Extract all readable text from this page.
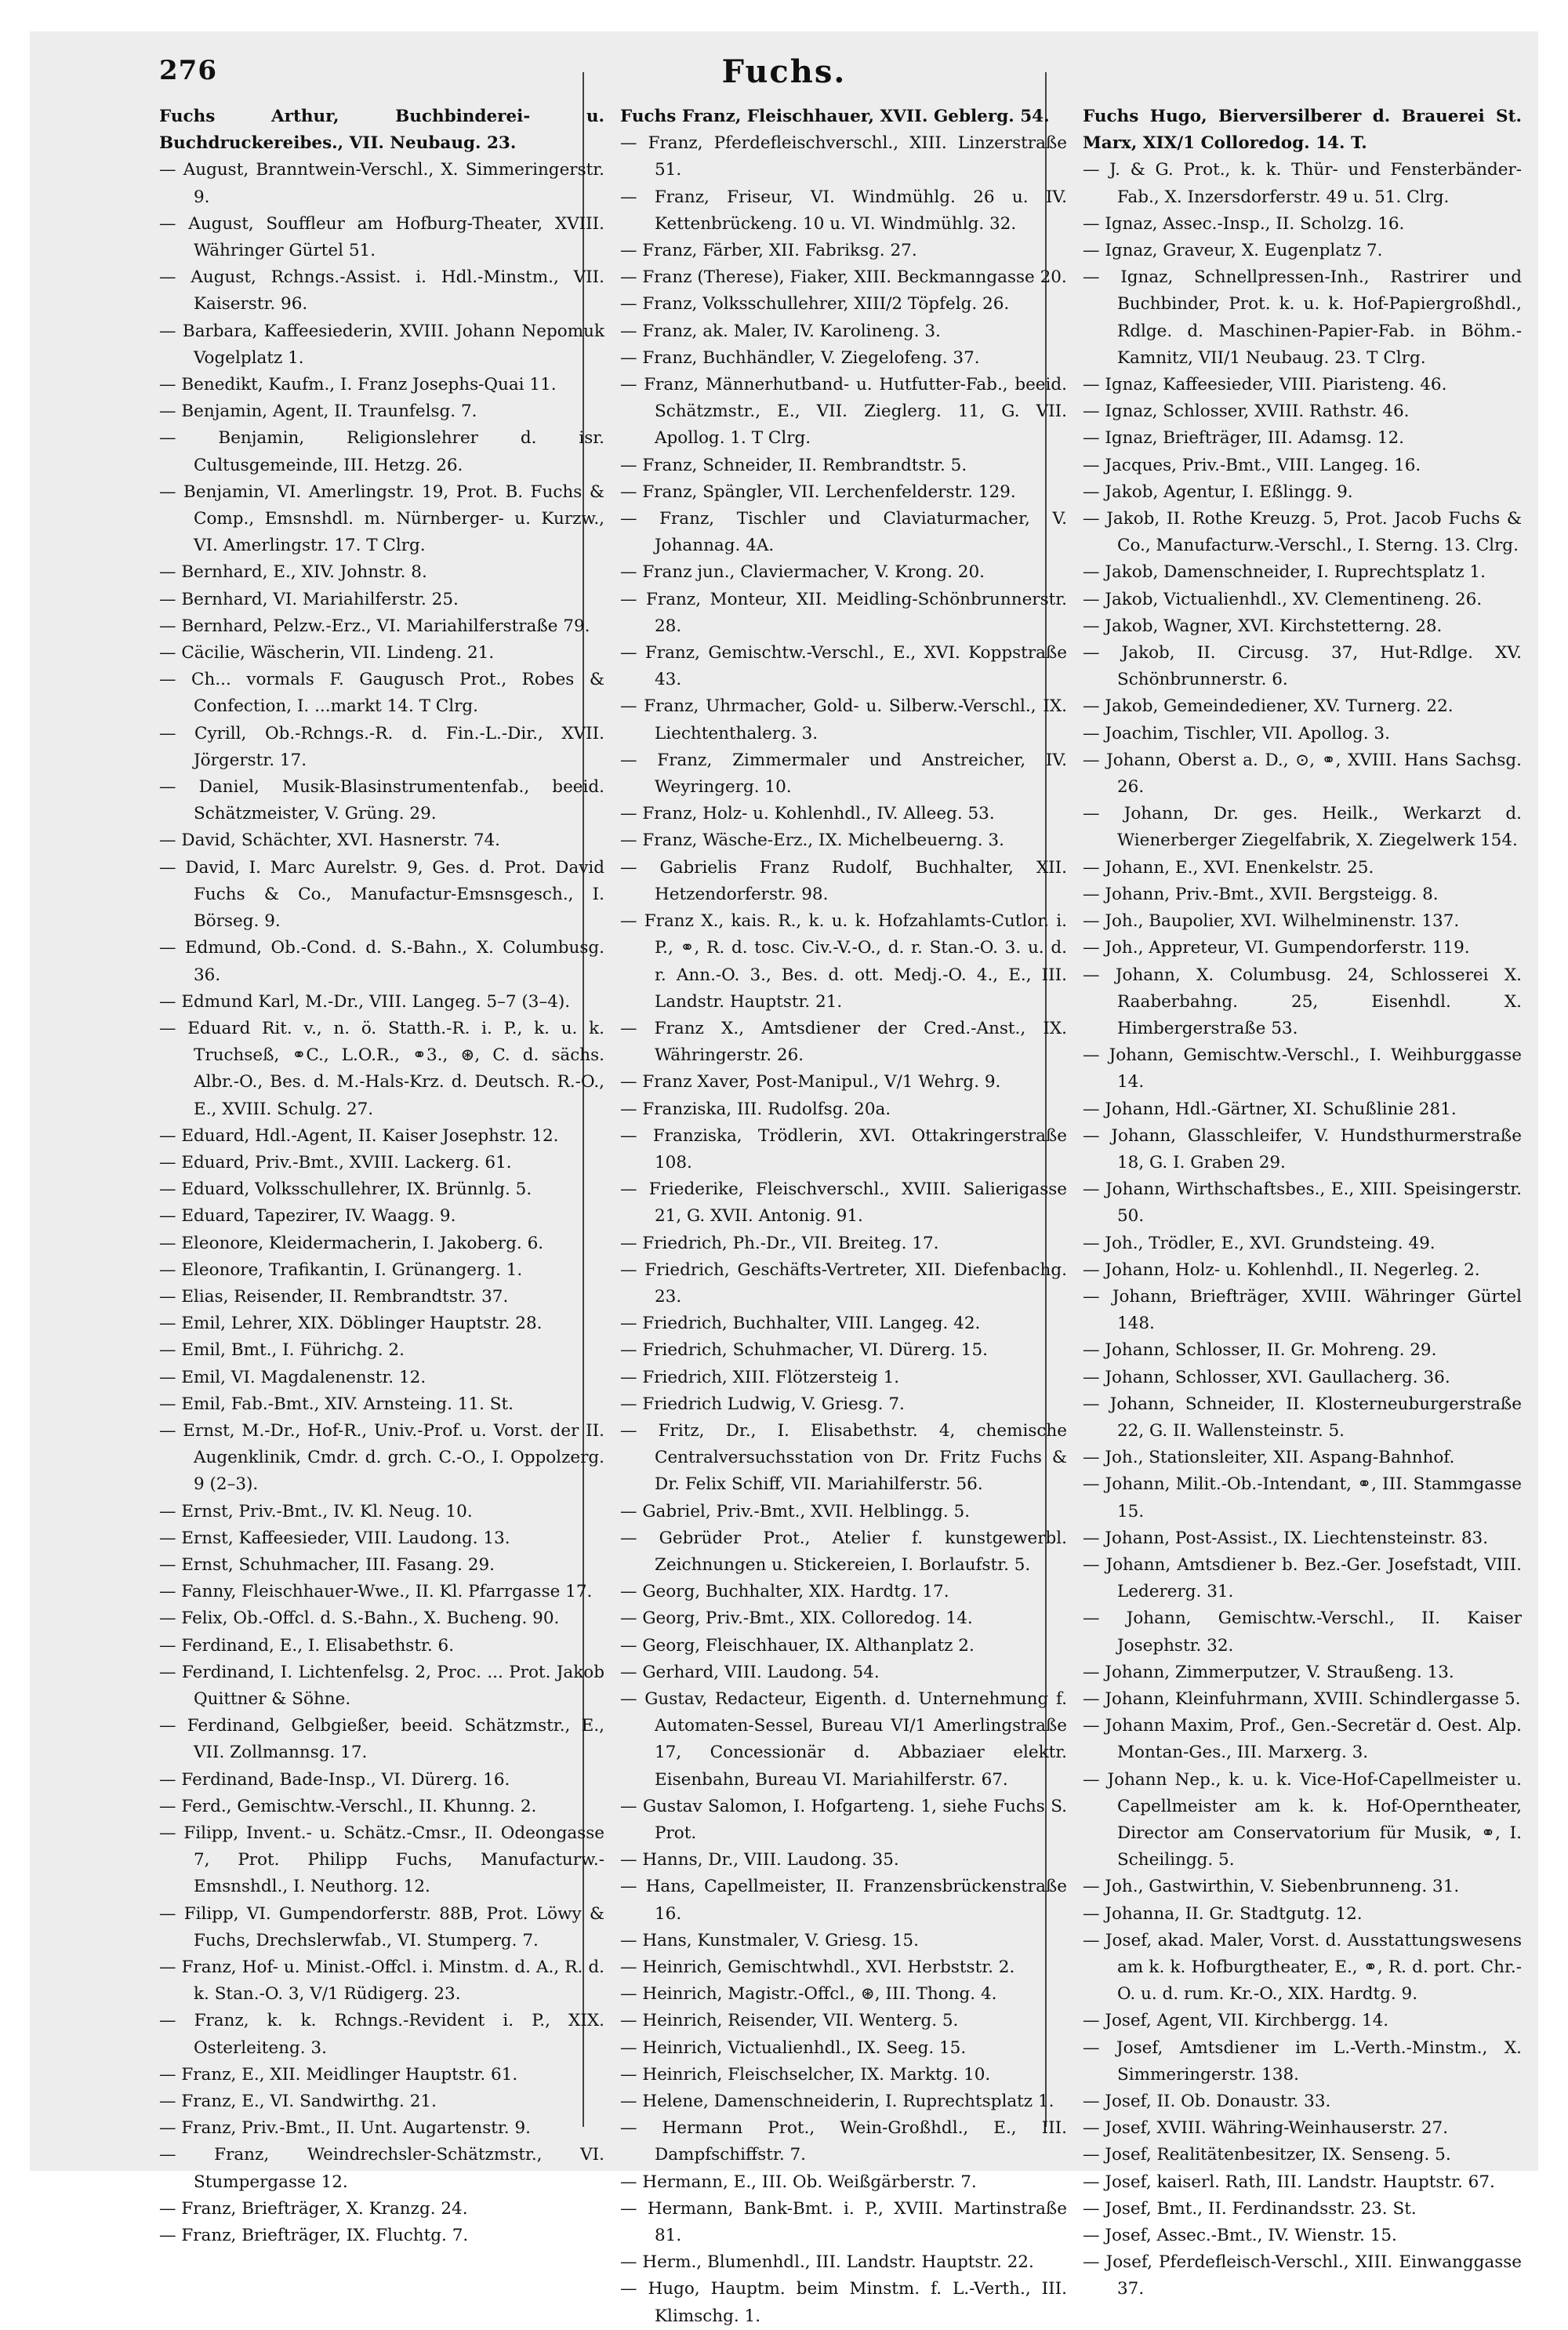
276	Fuchs.
Fuchs Arthur, Buchbinderei- u. Buchdruckereibes., VII. Neubaug. 23.
— August, Branntwein-Verschl., X. Simmeringerstr. 9.
— August, Souffleur am Hofburg-Theater, XVIII. Währinger Gürtel 51.
— August, Rchngs.-Assist. i. Hdl.-Minstm., VII. Kaiserstr. 96.
— Barbara, Kaffeesiederin, XVIII. Johann Nepomuk Vogelplatz 1.
— Benedikt, Kaufm., I. Franz Josephs-Quai 11.
— Benjamin, Agent, II. Traunfelsg. 7.
— Benjamin, Religionslehrer d. isr. Cultusgemeinde, III. Hetzg. 26.
— Benjamin, VI. Amerlingstr. 19, Prot. B. Fuchs & Comp., Emsnshdl. m. Nürnberger- u. Kurzw., VI. Amerlingstr. 17. T Clrg.
— Bernhard, E., XIV. Johnstr. 8.
— Bernhard, VI. Mariahilferstr. 25.
— Bernhard, Pelzw.-Erz., VI. Mariahilferstraße 79.
— Cäcilie, Wäscherin, VII. Lindeng. 21.
— Ch... vormals F. Gaugusch Prot., Robes & Confection, I. ...markt 14. T Clrg.
— Cyrill, Ob.-Rchngs.-R. d. Fin.-L.-Dir., XVII. Jörgerstr. 17.
— Daniel, Musik-Blasinstrumentenfab., beeid. Schätzmeister, V. Grüng. 29.
— David, Schächter, XVI. Hasnerstr. 74.
— David, I. Marc Aurelstr. 9, Ges. d. Prot. David Fuchs & Co., Manufactur-Emsnsgesch., I. Börseg. 9.
— Edmund, Ob.-Cond. d. S.-Bahn., X. Columbusg. 36.
— Edmund Karl, M.-Dr., VIII. Langeg. 5–7 (3–4).
— Eduard Rit. v., n. ö. Statth.-R. i. P., k. u. k. Truchseß, ⚭C., L.O.R., ⚭3., ⊛, C. d. sächs. Albr.-O., Bes. d. M.-Hals-Krz. d. Deutsch. R.-O., E., XVIII. Schulg. 27.
— Eduard, Hdl.-Agent, II. Kaiser Josephstr. 12.
— Eduard, Priv.-Bmt., XVIII. Lackerg. 61.
— Eduard, Volksschullehrer, IX. Brünnlg. 5.
— Eduard, Tapezirer, IV. Waagg. 9.
— Eleonore, Kleidermacherin, I. Jakoberg. 6.
— Eleonore, Trafikantin, I. Grünangerg. 1.
— Elias, Reisender, II. Rembrandtstr. 37.
— Emil, Lehrer, XIX. Döblinger Hauptstr. 28.
— Emil, Bmt., I. Führichg. 2.
— Emil, VI. Magdalenenstr. 12.
— Emil, Fab.-Bmt., XIV. Arnsteing. 11. St.
— Ernst, M.-Dr., Hof-R., Univ.-Prof. u. Vorst. der II. Augenklinik, Cmdr. d. grch. C.-O., I. Oppolzerg. 9 (2–3).
— Ernst, Priv.-Bmt., IV. Kl. Neug. 10.
— Ernst, Kaffeesieder, VIII. Laudong. 13.
— Ernst, Schuhmacher, III. Fasang. 29.
— Fanny, Fleischhauer-Wwe., II. Kl. Pfarrgasse 17.
— Felix, Ob.-Offcl. d. S.-Bahn., X. Bucheng. 90.
— Ferdinand, E., I. Elisabethstr. 6.
— Ferdinand, I. Lichtenfelsg. 2, Proc. ... Prot. Jakob Quittner & Söhne.
— Ferdinand, Gelbgießer, beeid. Schätzmstr., E., VII. Zollmannsg. 17.
— Ferdinand, Bade-Insp., VI. Dürerg. 16.
— Ferd., Gemischtw.-Verschl., II. Khunng. 2.
— Filipp, Invent.- u. Schätz.-Cmsr., II. Odeongasse 7, Prot. Philipp Fuchs, Manufacturw.-Emsnshdl., I. Neuthorg. 12.
— Filipp, VI. Gumpendorferstr. 88B, Prot. Löwy & Fuchs, Drechslerwfab., VI. Stumperg. 7.
— Franz, Hof- u. Minist.-Offcl. i. Minstm. d. A., R. d. k. Stan.-O. 3, V/1 Rüdigerg. 23.
— Franz, k. k. Rchngs.-Revident i. P., XIX. Osterleiteng. 3.
— Franz, E., XII. Meidlinger Hauptstr. 61.
— Franz, E., VI. Sandwirthg. 21.
— Franz, Priv.-Bmt., II. Unt. Augartenstr. 9.
— Franz, Weindrechsler-Schätzmstr., VI. Stumpergasse 12.
— Franz, Briefträger, X. Kranzg. 24.
— Franz, Briefträger, IX. Fluchtg. 7.
Fuchs Franz, Fleischhauer, XVII. Geblerg. 54.
— Franz, Pferdefleischverschl., XIII. Linzerstraße 51.
— Franz, Friseur, VI. Windmühlg. 26 u. IV. Kettenbrückeng. 10 u. VI. Windmühlg. 32.
— Franz, Färber, XII. Fabriksg. 27.
— Franz (Therese), Fiaker, XIII. Beckmanngasse 20.
— Franz, Volksschullehrer, XIII/2 Töpfelg. 26.
— Franz, ak. Maler, IV. Karolineng. 3.
— Franz, Buchhändler, V. Ziegelofeng. 37.
— Franz, Männerhutband- u. Hutfutter-Fab., beeid. Schätzmstr., E., VII. Zieglerg. 11, G. VII. Apollog. 1. T Clrg.
— Franz, Schneider, II. Rembrandtstr. 5.
— Franz, Spängler, VII. Lerchenfelderstr. 129.
— Franz, Tischler und Claviaturmacher, V. Johannag. 4A.
— Franz jun., Claviermacher, V. Krong. 20.
— Franz, Monteur, XII. Meidling-Schönbrunnerstr. 28.
— Franz, Gemischtw.-Verschl., E., XVI. Koppstraße 43.
— Franz, Uhrmacher, Gold- u. Silberw.-Verschl., IX. Liechtenthalerg. 3.
— Franz, Zimmermaler und Anstreicher, IV. Weyringerg. 10.
— Franz, Holz- u. Kohlenhdl., IV. Alleeg. 53.
— Franz, Wäsche-Erz., IX. Michelbeuerng. 3.
— Gabrielis Franz Rudolf, Buchhalter, XII. Hetzendorferstr. 98.
— Franz X., kais. R., k. u. k. Hofzahlamts-Cutlor. i. P., ⚭, R. d. tosc. Civ.-V.-O., d. r. Stan.-O. 3. u. d. r. Ann.-O. 3., Bes. d. ott. Medj.-O. 4., E., III. Landstr. Hauptstr. 21.
— Franz X., Amtsdiener der Cred.-Anst., IX. Währingerstr. 26.
— Franz Xaver, Post-Manipul., V/1 Wehrg. 9.
— Franziska, III. Rudolfsg. 20a.
— Franziska, Trödlerin, XVI. Ottakringerstraße 108.
— Friederike, Fleischverschl., XVIII. Salierigasse 21, G. XVII. Antonig. 91.
— Friedrich, Ph.-Dr., VII. Breiteg. 17.
— Friedrich, Geschäfts-Vertreter, XII. Diefenbachg. 23.
— Friedrich, Buchhalter, VIII. Langeg. 42.
— Friedrich, Schuhmacher, VI. Dürerg. 15.
— Friedrich, XIII. Flötzersteig 1.
— Friedrich Ludwig, V. Griesg. 7.
— Fritz, Dr., I. Elisabethstr. 4, chemische Centralversuchsstation von Dr. Fritz Fuchs & Dr. Felix Schiff, VII. Mariahilferstr. 56.
— Gabriel, Priv.-Bmt., XVII. Helblingg. 5.
— Gebrüder Prot., Atelier f. kunstgewerbl. Zeichnungen u. Stickereien, I. Borlaufstr. 5.
— Georg, Buchhalter, XIX. Hardtg. 17.
— Georg, Priv.-Bmt., XIX. Colloredog. 14.
— Georg, Fleischhauer, IX. Althanplatz 2.
— Gerhard, VIII. Laudong. 54.
— Gustav, Redacteur, Eigenth. d. Unternehmung f. Automaten-Sessel, Bureau VI/1 Amerlingstraße 17, Concessionär d. Abbaziaer elektr. Eisenbahn, Bureau VI. Mariahilferstr. 67.
— Gustav Salomon, I. Hofgarteng. 1, siehe Fuchs S. Prot.
— Hanns, Dr., VIII. Laudong. 35.
— Hans, Capellmeister, II. Franzensbrückenstraße 16.
— Hans, Kunstmaler, V. Griesg. 15.
— Heinrich, Gemischtwhdl., XVI. Herbststr. 2.
— Heinrich, Magistr.-Offcl., ⊛, III. Thong. 4.
— Heinrich, Reisender, VII. Wenterg. 5.
— Heinrich, Victualienhdl., IX. Seeg. 15.
— Heinrich, Fleischselcher, IX. Marktg. 10.
— Helene, Damenschneiderin, I. Ruprechtsplatz 1.
— Hermann Prot., Wein-Großhdl., E., III. Dampfschiffstr. 7.
— Hermann, E., III. Ob. Weißgärberstr. 7.
— Hermann, Bank-Bmt. i. P., XVIII. Martinstraße 81.
— Herm., Blumenhdl., III. Landstr. Hauptstr. 22.
— Hugo, Hauptm. beim Minstm. f. L.-Verth., III. Klimschg. 1.
Fuchs Hugo, Bierversilberer d. Brauerei St. Marx, XIX/1 Colloredog. 14. T.
— J. & G. Prot., k. k. Thür- und Fensterbänder-Fab., X. Inzersdorferstr. 49 u. 51. Clrg.
— Ignaz, Assec.-Insp., II. Scholzg. 16.
— Ignaz, Graveur, X. Eugenplatz 7.
— Ignaz, Schnellpressen-Inh., Rastrirer und Buchbinder, Prot. k. u. k. Hof-Papiergroßhdl., Rdlge. d. Maschinen-Papier-Fab. in Böhm.-Kamnitz, VII/1 Neubaug. 23. T Clrg.
— Ignaz, Kaffeesieder, VIII. Piaristeng. 46.
— Ignaz, Schlosser, XVIII. Rathstr. 46.
— Ignaz, Briefträger, III. Adamsg. 12.
— Jacques, Priv.-Bmt., VIII. Langeg. 16.
— Jakob, Agentur, I. Eßlingg. 9.
— Jakob, II. Rothe Kreuzg. 5, Prot. Jacob Fuchs & Co., Manufacturw.-Verschl., I. Sterng. 13. Clrg.
— Jakob, Damenschneider, I. Ruprechtsplatz 1.
— Jakob, Victualienhdl., XV. Clementineng. 26.
— Jakob, Wagner, XVI. Kirchstetterng. 28.
— Jakob, II. Circusg. 37, Hut-Rdlge. XV. Schönbrunnerstr. 6.
— Jakob, Gemeindediener, XV. Turnerg. 22.
— Joachim, Tischler, VII. Apollog. 3.
— Johann, Oberst a. D., ⊙, ⚭, XVIII. Hans Sachsg. 26.
— Johann, Dr. ges. Heilk., Werkarzt d. Wienerberger Ziegelfabrik, X. Ziegelwerk 154.
— Johann, E., XVI. Enenkelstr. 25.
— Johann, Priv.-Bmt., XVII. Bergsteigg. 8.
— Joh., Baupolier, XVI. Wilhelminenstr. 137.
— Joh., Appreteur, VI. Gumpendorferstr. 119.
— Johann, X. Columbusg. 24, Schlosserei X. Raaberbahng. 25, Eisenhdl. X. Himbergerstraße 53.
— Johann, Gemischtw.-Verschl., I. Weihburggasse 14.
— Johann, Hdl.-Gärtner, XI. Schußlinie 281.
— Johann, Glasschleifer, V. Hundsthurmerstraße 18, G. I. Graben 29.
— Johann, Wirthschaftsbes., E., XIII. Speisingerstr. 50.
— Joh., Trödler, E., XVI. Grundsteing. 49.
— Johann, Holz- u. Kohlenhdl., II. Negerleg. 2.
— Johann, Briefträger, XVIII. Währinger Gürtel 148.
— Johann, Schlosser, II. Gr. Mohreng. 29.
— Johann, Schlosser, XVI. Gaullacherg. 36.
— Johann, Schneider, II. Klosterneuburgerstraße 22, G. II. Wallensteinstr. 5.
— Joh., Stationsleiter, XII. Aspang-Bahnhof.
— Johann, Milit.-Ob.-Intendant, ⚭, III. Stammgasse 15.
— Johann, Post-Assist., IX. Liechtensteinstr. 83.
— Johann, Amtsdiener b. Bez.-Ger. Josefstadt, VIII. Ledererg. 31.
— Johann, Gemischtw.-Verschl., II. Kaiser Josephstr. 32.
— Johann, Zimmerputzer, V. Straußeng. 13.
— Johann, Kleinfuhrmann, XVIII. Schindlergasse 5.
— Johann Maxim, Prof., Gen.-Secretär d. Oest. Alp. Montan-Ges., III. Marxerg. 3.
— Johann Nep., k. u. k. Vice-Hof-Capellmeister u. Capellmeister am k. k. Hof-Operntheater, Director am Conservatorium für Musik, ⚭, I. Scheilingg. 5.
— Joh., Gastwirthin, V. Siebenbrunneng. 31.
— Johanna, II. Gr. Stadtgutg. 12.
— Josef, akad. Maler, Vorst. d. Ausstattungswesens am k. k. Hofburgtheater, E., ⚭, R. d. port. Chr.-O. u. d. rum. Kr.-O., XIX. Hardtg. 9.
— Josef, Agent, VII. Kirchbergg. 14.
— Josef, Amtsdiener im L.-Verth.-Minstm., X. Simmeringerstr. 138.
— Josef, II. Ob. Donaustr. 33.
— Josef, XVIII. Währing-Weinhauserstr. 27.
— Josef, Realitätenbesitzer, IX. Senseng. 5.
— Josef, kaiserl. Rath, III. Landstr. Hauptstr. 67.
— Josef, Bmt., II. Ferdinandsstr. 23. St.
— Josef, Assec.-Bmt., IV. Wienstr. 15.
— Josef, Pferdefleisch-Verschl., XIII. Einwanggasse 37.
